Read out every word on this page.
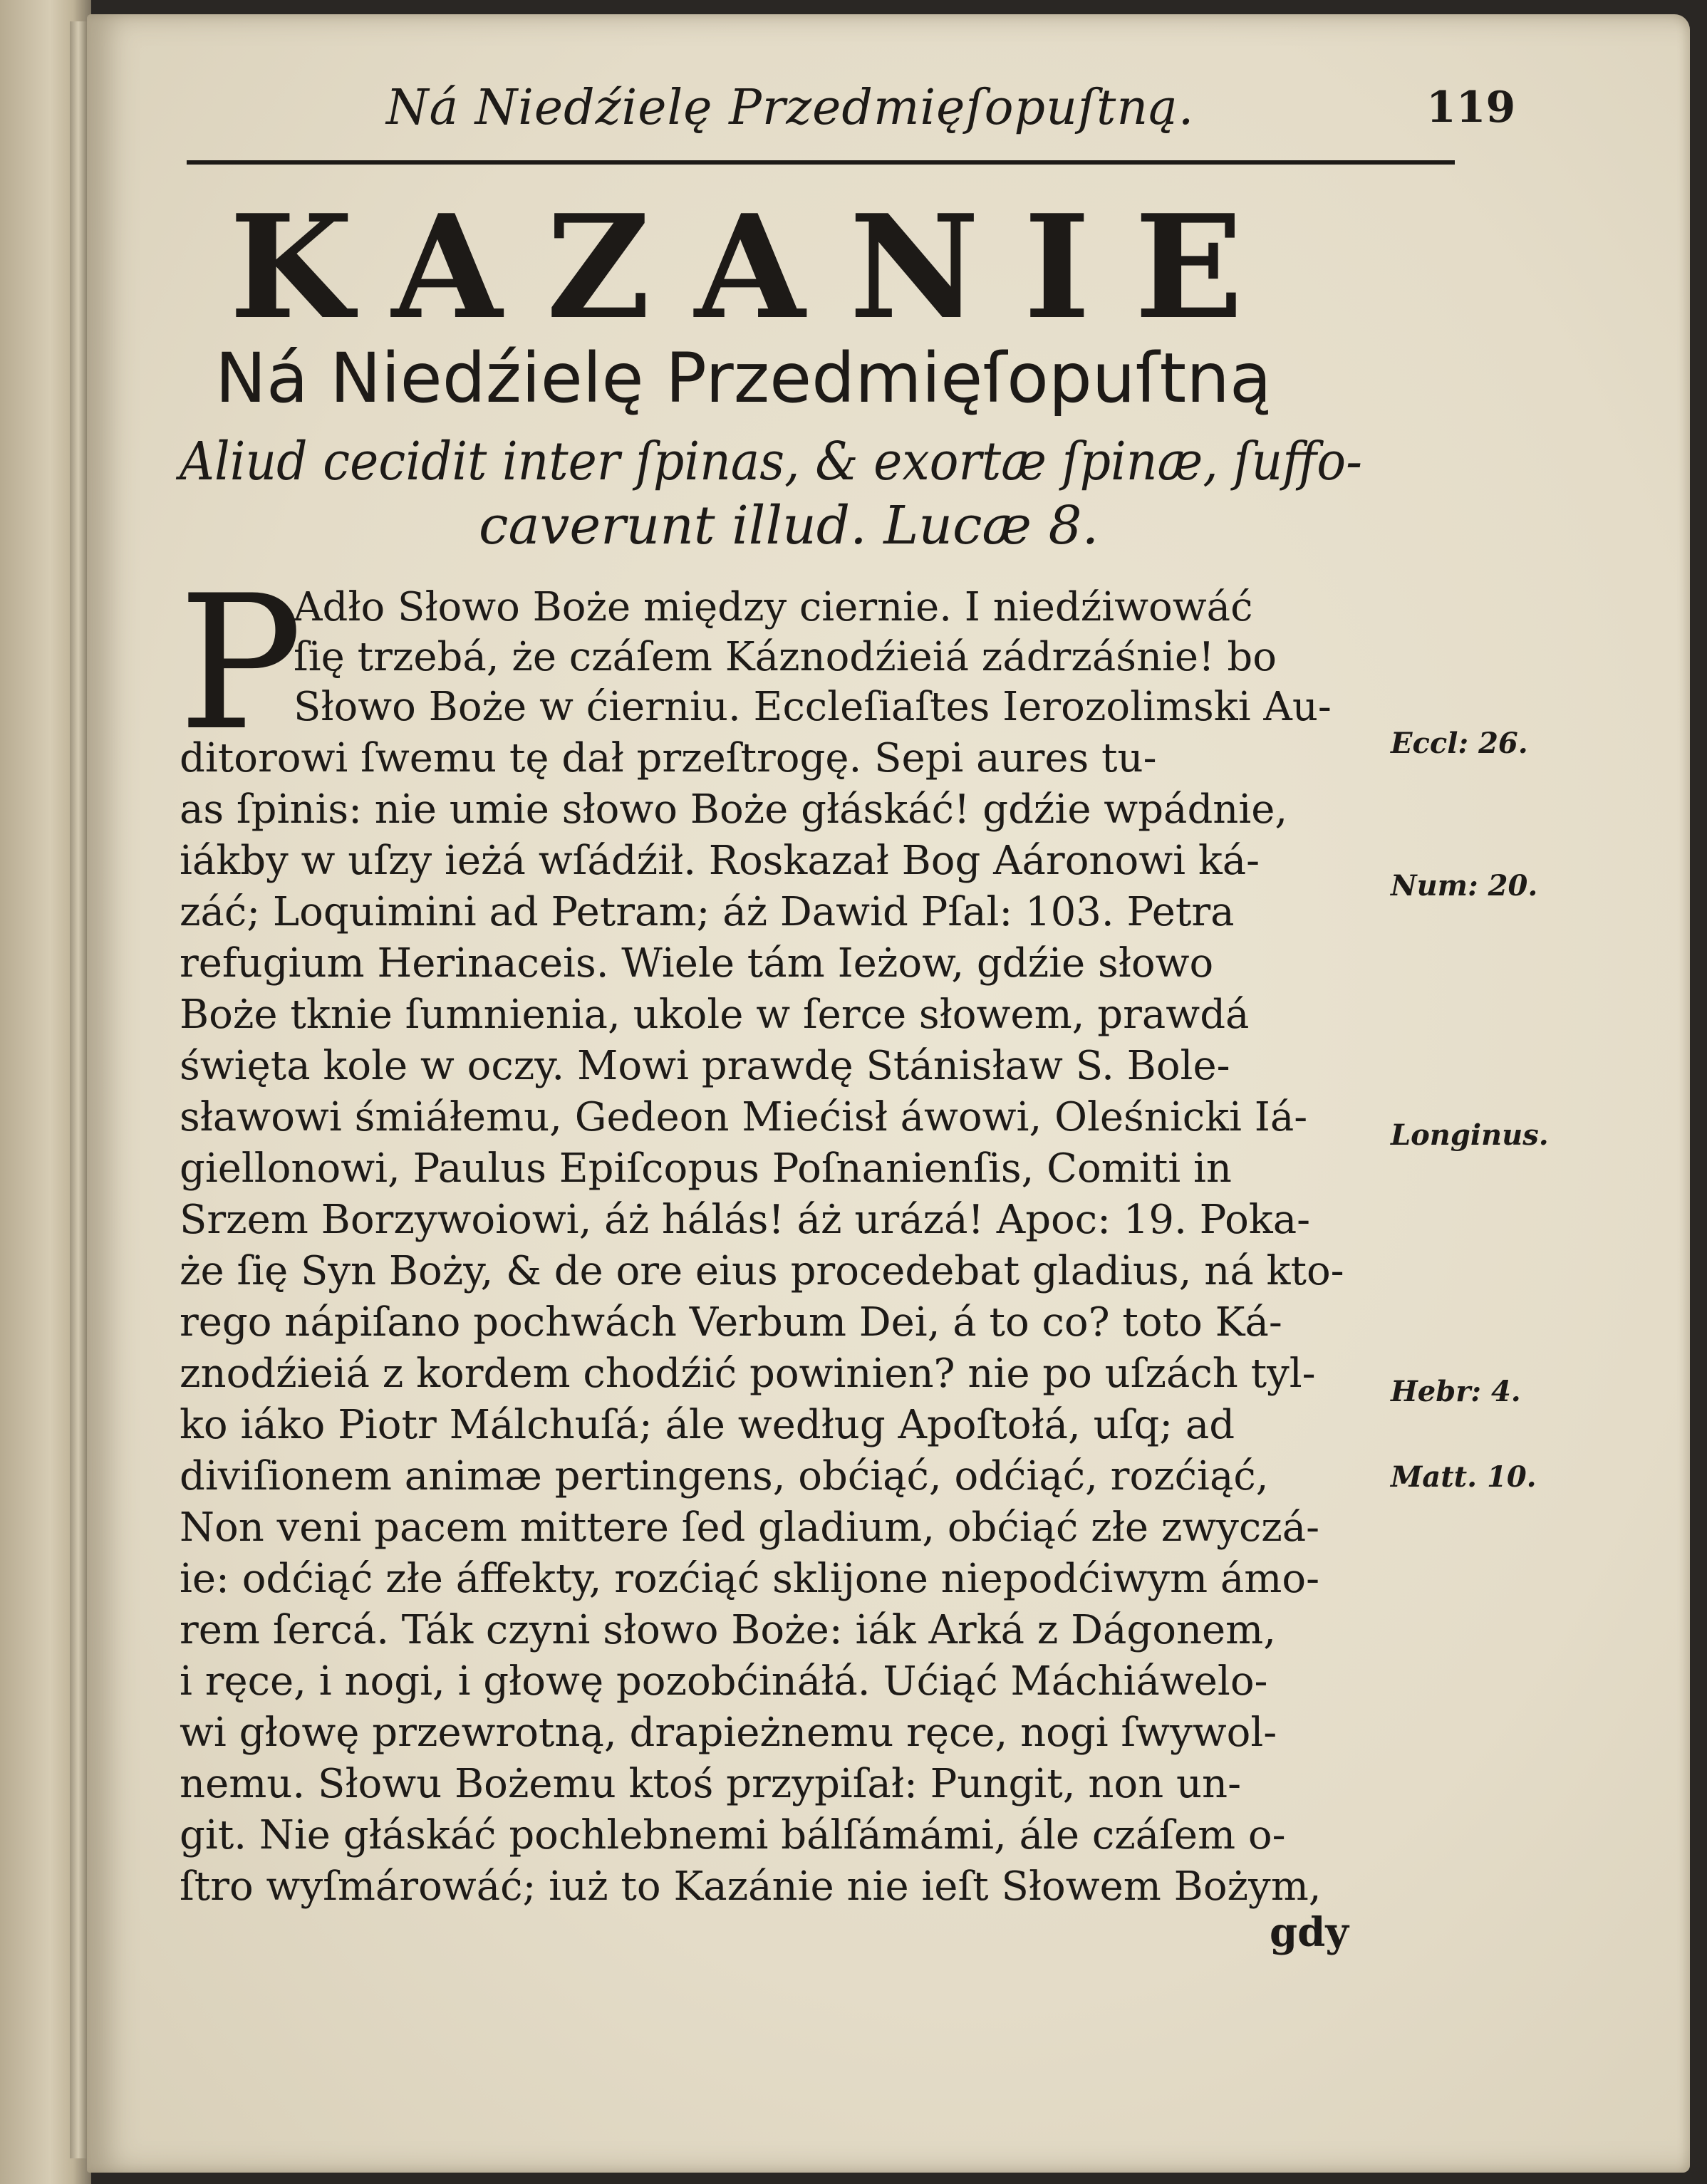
Ná Niedźielę Przedmięſopuſtną.	119
KAZANIE
Ná Niedźielę Przedmięſopuſtną
Aliud cecidit inter ſpinas, & exortæ ſpinæ, ſuffo-
caverunt illud. Lucæ 8.
P
Adło Słowo Boże między ciernie. I niedźiwowáć
ſię trzebá, że czáſem Káznodźieiá zádrzáśnie! bo
Słowo Boże w ćierniu. Eccleſiaſtes Ierozolimski Au-
ditorowi ſwemu tę dał przeſtrogę. Sepi aures tu-
as ſpinis: nie umie słowo Boże głáskáć! gdźie wpádnie,
iákby w uſzy ieżá wſádźił. Roskazał Bog Aáronowi ká-
záć; Loquimini ad Petram; áż Dawid Pſal: 103. Petra
refugium Herinaceis. Wiele tám Ieżow, gdźie słowo
Boże tknie ſumnienia, ukole w ſerce słowem, prawdá
święta kole w oczy. Mowi prawdę Stánisław S. Bole-
sławowi śmiáłemu, Gedeon Miećisł áwowi, Oleśnicki Iá-
giellonowi, Paulus Epiſcopus Poſnanienſis, Comiti in
Srzem Borzywoiowi, áż hálás! áż urázá! Apoc: 19. Poka-
że ſię Syn Boży, & de ore eius procedebat gladius, ná kto-
rego nápiſano pochwách Verbum Dei, á to co? toto Ká-
znodźieiá z kordem chodźić powinien? nie po uſzách tyl-
ko iáko Piotr Málchuſá; ále według Apoſtołá, uſq; ad
diviſionem animæ pertingens, obćiąć, odćiąć, rozćiąć,
Non veni pacem mittere ſed gladium, obćiąć złe zwyczá-
ie: odćiąć złe áffekty, rozćiąć sklijone niepodćiwym ámo-
rem ſercá. Ták czyni słowo Boże: iák Arká z Dágonem,
i ręce, i nogi, i głowę pozobćináłá. Ućiąć Máchiáwelo-
wi głowę przewrotną, drapieżnemu ręce, nogi ſwywol-
nemu. Słowu Bożemu ktoś przypiſał: Pungit, non un-
git. Nie głáskáć pochlebnemi bálſámámi, ále czáſem o-
ſtro wyſmárowáć; iuż to Kazánie nie ieſt Słowem Bożym,
gdy
Eccl: 26.
Num: 20.
Longinus.
Hebr: 4.
Matt. 10.
